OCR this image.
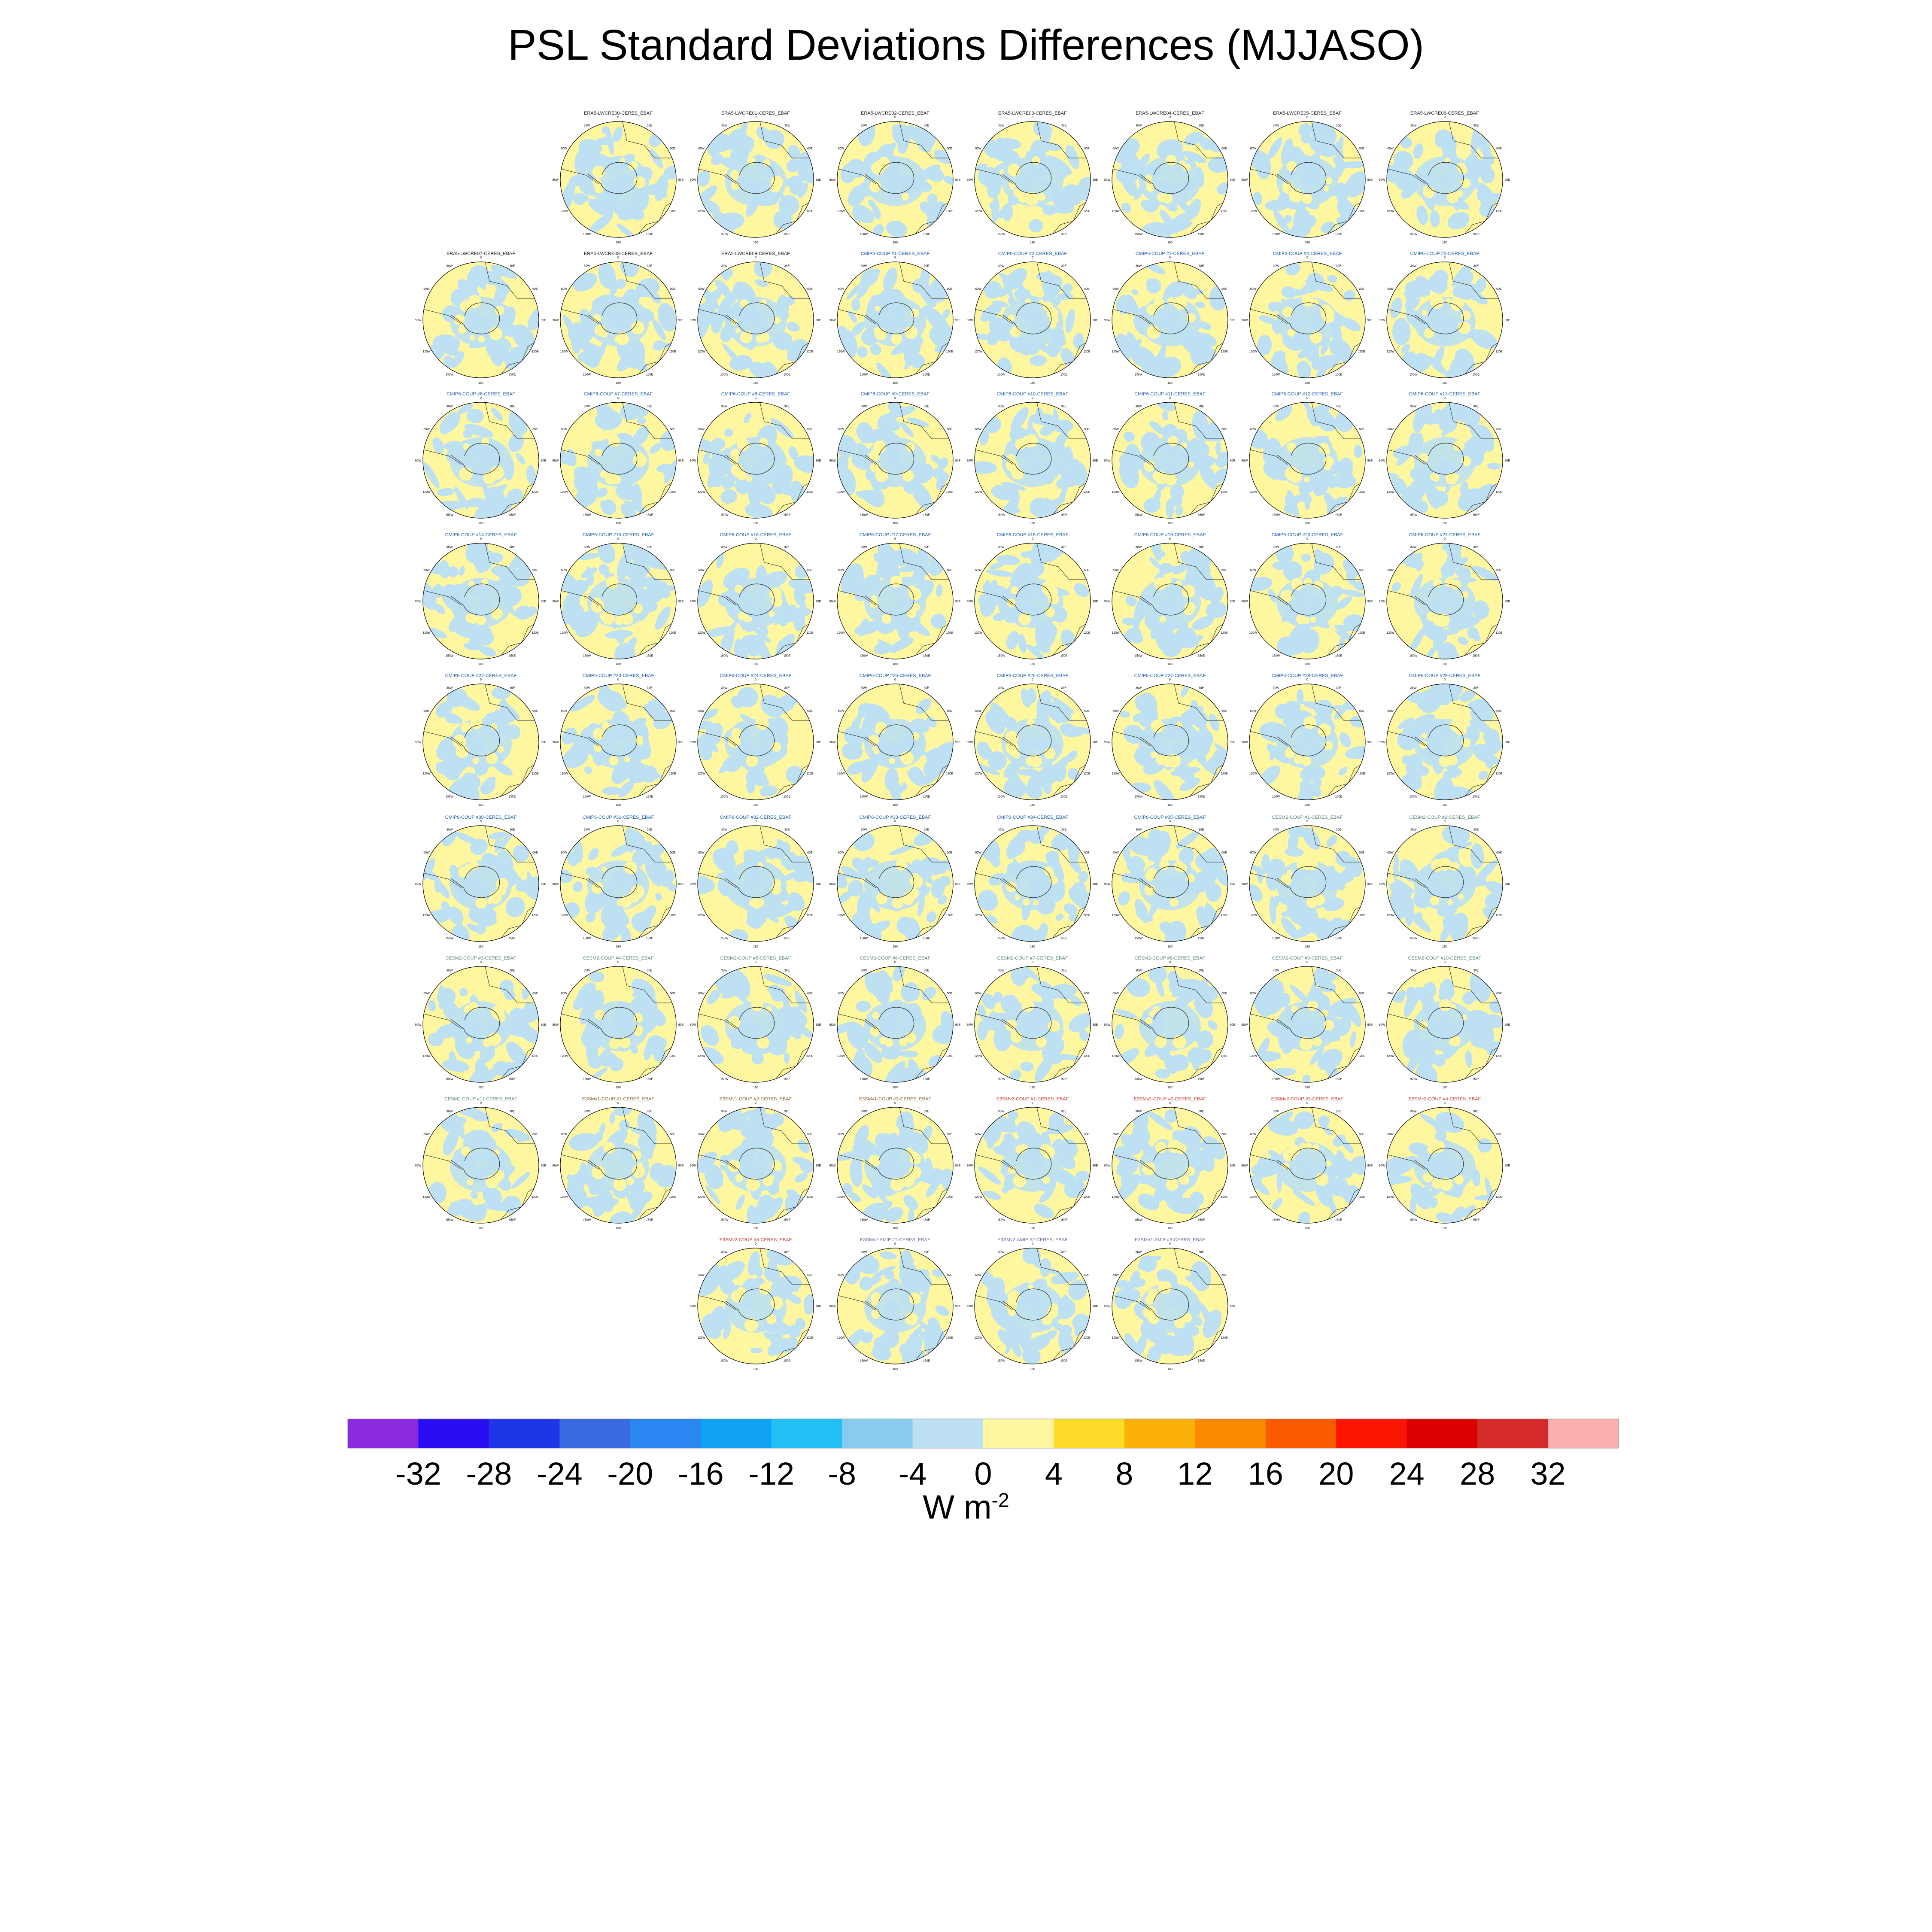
PSL Standard Deviations Differences (MJJASO)
ERA5-LWCRE00-CERES_EBAF
0
30E
60E
90E
120E
150E
180
150W
120W
90W
60W
30W
ERA5-LWCRE01-CERES_EBAF
0
30E
60E
90E
120E
150E
180
150W
120W
90W
60W
30W
ERA5-LWCRE02-CERES_EBAF
0
30E
60E
90E
120E
150E
180
150W
120W
90W
60W
30W
ERA5-LWCRE03-CERES_EBAF
0
30E
60E
90E
120E
150E
180
150W
120W
90W
60W
30W
ERA5-LWCRE04-CERES_EBAF
0
30E
60E
90E
120E
150E
180
150W
120W
90W
60W
30W
ERA5-LWCRE05-CERES_EBAF
0
30E
60E
90E
120E
150E
180
150W
120W
90W
60W
30W
ERA5-LWCRE06-CERES_EBAF
0
30E
60E
90E
120E
150E
180
150W
120W
90W
60W
30W
ERA5-LWCRE07-CERES_EBAF
0
30E
60E
90E
120E
150E
180
150W
120W
90W
60W
30W
ERA5-LWCRE08-CERES_EBAF
0
30E
60E
90E
120E
150E
180
150W
120W
90W
60W
30W
ERA5-LWCRE09-CERES_EBAF
0
30E
60E
90E
120E
150E
180
150W
120W
90W
60W
30W
CMIP6-COUP #1-CERES_EBAF
0
30E
60E
90E
120E
150E
180
150W
120W
90W
60W
30W
CMIP6-COUP #2-CERES_EBAF
0
30E
60E
90E
120E
150E
180
150W
120W
90W
60W
30W
CMIP6-COUP #3-CERES_EBAF
0
30E
60E
90E
120E
150E
180
150W
120W
90W
60W
30W
CMIP6-COUP #4-CERES_EBAF
0
30E
60E
90E
120E
150E
180
150W
120W
90W
60W
30W
CMIP6-COUP #5-CERES_EBAF
0
30E
60E
90E
120E
150E
180
150W
120W
90W
60W
30W
CMIP6-COUP #6-CERES_EBAF
0
30E
60E
90E
120E
150E
180
150W
120W
90W
60W
30W
CMIP6-COUP #7-CERES_EBAF
0
30E
60E
90E
120E
150E
180
150W
120W
90W
60W
30W
CMIP6-COUP #8-CERES_EBAF
0
30E
60E
90E
120E
150E
180
150W
120W
90W
60W
30W
CMIP6-COUP #9-CERES_EBAF
0
30E
60E
90E
120E
150E
180
150W
120W
90W
60W
30W
CMIP6-COUP #10-CERES_EBAF
0
30E
60E
90E
120E
150E
180
150W
120W
90W
60W
30W
CMIP6-COUP #11-CERES_EBAF
0
30E
60E
90E
120E
150E
180
150W
120W
90W
60W
30W
CMIP6-COUP #12-CERES_EBAF
0
30E
60E
90E
120E
150E
180
150W
120W
90W
60W
30W
CMIP6-COUP #13-CERES_EBAF
0
30E
60E
90E
120E
150E
180
150W
120W
90W
60W
30W
CMIP6-COUP #14-CERES_EBAF
0
30E
60E
90E
120E
150E
180
150W
120W
90W
60W
30W
CMIP6-COUP #15-CERES_EBAF
0
30E
60E
90E
120E
150E
180
150W
120W
90W
60W
30W
CMIP6-COUP #16-CERES_EBAF
0
30E
60E
90E
120E
150E
180
150W
120W
90W
60W
30W
CMIP6-COUP #17-CERES_EBAF
0
30E
60E
90E
120E
150E
180
150W
120W
90W
60W
30W
CMIP6-COUP #18-CERES_EBAF
0
30E
60E
90E
120E
150E
180
150W
120W
90W
60W
30W
CMIP6-COUP #19-CERES_EBAF
0
30E
60E
90E
120E
150E
180
150W
120W
90W
60W
30W
CMIP6-COUP #20-CERES_EBAF
0
30E
60E
90E
120E
150E
180
150W
120W
90W
60W
30W
CMIP6-COUP #21-CERES_EBAF
0
30E
60E
90E
120E
150E
180
150W
120W
90W
60W
30W
CMIP6-COUP #22-CERES_EBAF
0
30E
60E
90E
120E
150E
180
150W
120W
90W
60W
30W
CMIP6-COUP #23-CERES_EBAF
0
30E
60E
90E
120E
150E
180
150W
120W
90W
60W
30W
CMIP6-COUP #24-CERES_EBAF
0
30E
60E
90E
120E
150E
180
150W
120W
90W
60W
30W
CMIP6-COUP #25-CERES_EBAF
0
30E
60E
90E
120E
150E
180
150W
120W
90W
60W
30W
CMIP6-COUP #26-CERES_EBAF
0
30E
60E
90E
120E
150E
180
150W
120W
90W
60W
30W
CMIP6-COUP #27-CERES_EBAF
0
30E
60E
90E
120E
150E
180
150W
120W
90W
60W
30W
CMIP6-COUP #28-CERES_EBAF
0
30E
60E
90E
120E
150E
180
150W
120W
90W
60W
30W
CMIP6-COUP #29-CERES_EBAF
0
30E
60E
90E
120E
150E
180
150W
120W
90W
60W
30W
CMIP6-COUP #30-CERES_EBAF
0
30E
60E
90E
120E
150E
180
150W
120W
90W
60W
30W
CMIP6-COUP #31-CERES_EBAF
0
30E
60E
90E
120E
150E
180
150W
120W
90W
60W
30W
CMIP6-COUP #32-CERES_EBAF
0
30E
60E
90E
120E
150E
180
150W
120W
90W
60W
30W
CMIP6-COUP #33-CERES_EBAF
0
30E
60E
90E
120E
150E
180
150W
120W
90W
60W
30W
CMIP6-COUP #34-CERES_EBAF
0
30E
60E
90E
120E
150E
180
150W
120W
90W
60W
30W
CMIP6-COUP #35-CERES_EBAF
0
30E
60E
90E
120E
150E
180
150W
120W
90W
60W
30W
CESM2-COUP #1-CERES_EBAF
0
30E
60E
90E
120E
150E
180
150W
120W
90W
60W
30W
CESM2-COUP #2-CERES_EBAF
0
30E
60E
90E
120E
150E
180
150W
120W
90W
60W
30W
CESM2-COUP #3-CERES_EBAF
0
30E
60E
90E
120E
150E
180
150W
120W
90W
60W
30W
CESM2-COUP #4-CERES_EBAF
0
30E
60E
90E
120E
150E
180
150W
120W
90W
60W
30W
CESM2-COUP #5-CERES_EBAF
0
30E
60E
90E
120E
150E
180
150W
120W
90W
60W
30W
CESM2-COUP #6-CERES_EBAF
0
30E
60E
90E
120E
150E
180
150W
120W
90W
60W
30W
CESM2-COUP #7-CERES_EBAF
0
30E
60E
90E
120E
150E
180
150W
120W
90W
60W
30W
CESM2-COUP #8-CERES_EBAF
0
30E
60E
90E
120E
150E
180
150W
120W
90W
60W
30W
CESM2-COUP #9-CERES_EBAF
0
30E
60E
90E
120E
150E
180
150W
120W
90W
60W
30W
CESM2-COUP #10-CERES_EBAF
0
30E
60E
90E
120E
150E
180
150W
120W
90W
60W
30W
CESM2-COUP #11-CERES_EBAF
0
30E
60E
90E
120E
150E
180
150W
120W
90W
60W
30W
E3SMv1-COUP #1-CERES_EBAF
0
30E
60E
90E
120E
150E
180
150W
120W
90W
60W
30W
E3SMv1-COUP #2-CERES_EBAF
0
30E
60E
90E
120E
150E
180
150W
120W
90W
60W
30W
E3SMv1-COUP #3-CERES_EBAF
0
30E
60E
90E
120E
150E
180
150W
120W
90W
60W
30W
E3SMv2-COUP #1-CERES_EBAF
0
30E
60E
90E
120E
150E
180
150W
120W
90W
60W
30W
E3SMv2-COUP #2-CERES_EBAF
0
30E
60E
90E
120E
150E
180
150W
120W
90W
60W
30W
E3SMv2-COUP #3-CERES_EBAF
0
30E
60E
90E
120E
150E
180
150W
120W
90W
60W
30W
E3SMv2-COUP #4-CERES_EBAF
0
30E
60E
90E
120E
150E
180
150W
120W
90W
60W
30W
E3SMv2-COUP #5-CERES_EBAF
0
30E
60E
90E
120E
150E
180
150W
120W
90W
60W
30W
E3SMv2-AMIP #1-CERES_EBAF
0
30E
60E
90E
120E
150E
180
150W
120W
90W
60W
30W
E3SMv2-AMIP #2-CERES_EBAF
0
30E
60E
90E
120E
150E
180
150W
120W
90W
60W
30W
E3SMv2-AMIP #3-CERES_EBAF
0
30E
60E
90E
120E
150E
180
150W
120W
90W
60W
30W
-32 -28 -24 -20 -16 -12	-8	-4	0	4	8	12	16	20	24	28	32
W $m^{-2}$
